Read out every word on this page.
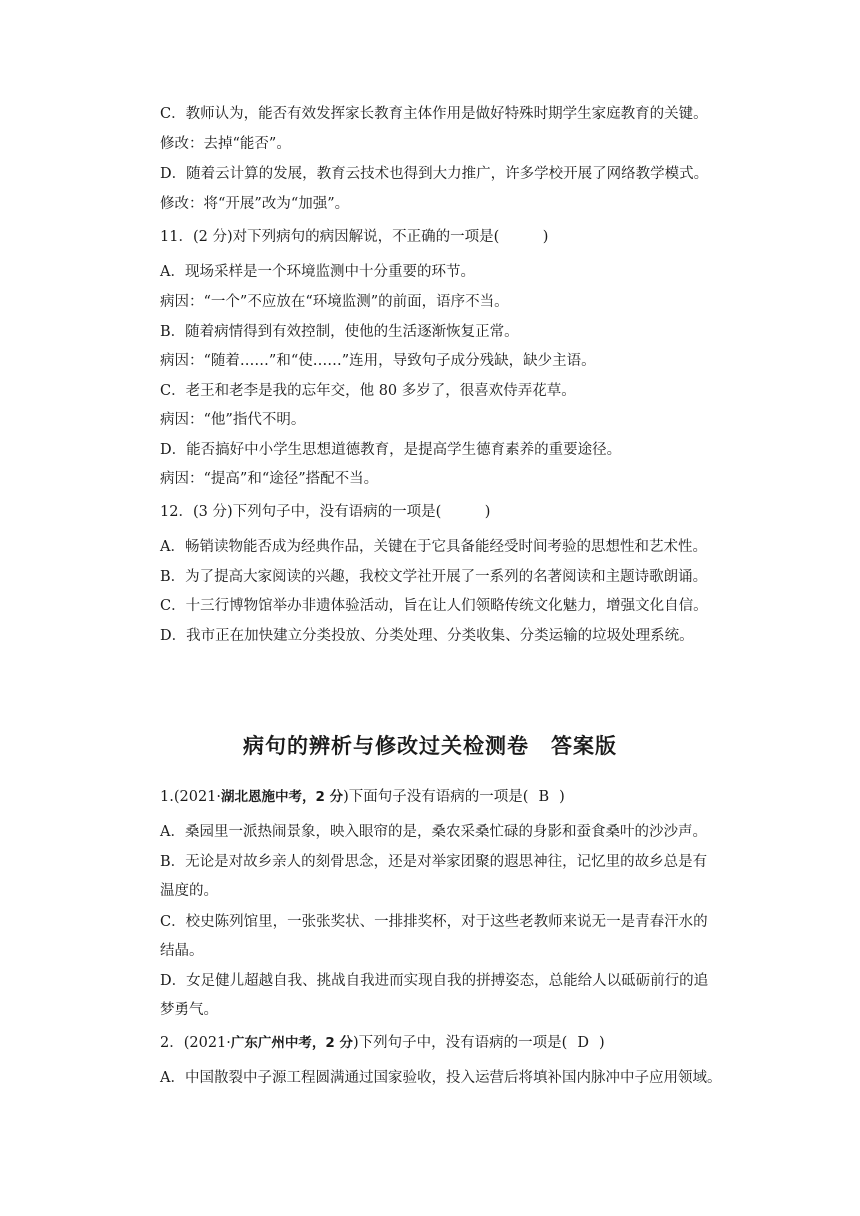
C．教师认为，能否有效发挥家长教育主体作用是做好特殊时期学生家庭教育的关键。
修改：去掉“能否”。
D．随着云计算的发展，教育云技术也得到大力推广，许多学校开展了网络教学模式。
修改：将“开展”改为“加强”。
11．(2 分)对下列病句的病因解说，不正确的一项是(　　　)
A．现场采样是一个环境监测中十分重要的环节。
病因：“一个”不应放在“环境监测”的前面，语序不当。
B．随着病情得到有效控制，使他的生活逐渐恢复正常。
病因：“随着……”和“使……”连用，导致句子成分残缺，缺少主语。
C．老王和老李是我的忘年交，他 80 多岁了，很喜欢侍弄花草。
病因：“他”指代不明。
D．能否搞好中小学生思想道德教育，是提高学生德育素养的重要途径。
病因：“提高”和“途径”搭配不当。
12．(3 分)下列句子中，没有语病的一项是(　　　)
A．畅销读物能否成为经典作品，关键在于它具备能经受时间考验的思想性和艺术性。
B．为了提高大家阅读的兴趣，我校文学社开展了一系列的名著阅读和主题诗歌朗诵。
C．十三行博物馆举办非遗体验活动，旨在让人们领略传统文化魅力，增强文化自信。
D．我市正在加快建立分类投放、分类处理、分类收集、分类运输的垃圾处理系统。
病句的辨析与修改过关检测卷　答案版
1.(2021·湖北恩施中考，2 分)下面句子没有语病的一项是( B )
A．桑园里一派热闹景象，映入眼帘的是，桑农采桑忙碌的身影和蚕食桑叶的沙沙声。
B．无论是对故乡亲人的刻骨思念，还是对举家团聚的遐思神往，记忆里的故乡总是有
温度的。
C．校史陈列馆里，一张张奖状、一排排奖杯，对于这些老教师来说无一是青春汗水的
结晶。
D．女足健儿超越自我、挑战自我进而实现自我的拼搏姿态，总能给人以砥砺前行的追
梦勇气。
2．(2021·广东广州中考，2 分)下列句子中，没有语病的一项是( D )
A．中国散裂中子源工程圆满通过国家验收，投入运营后将填补国内脉冲中子应用领域。
